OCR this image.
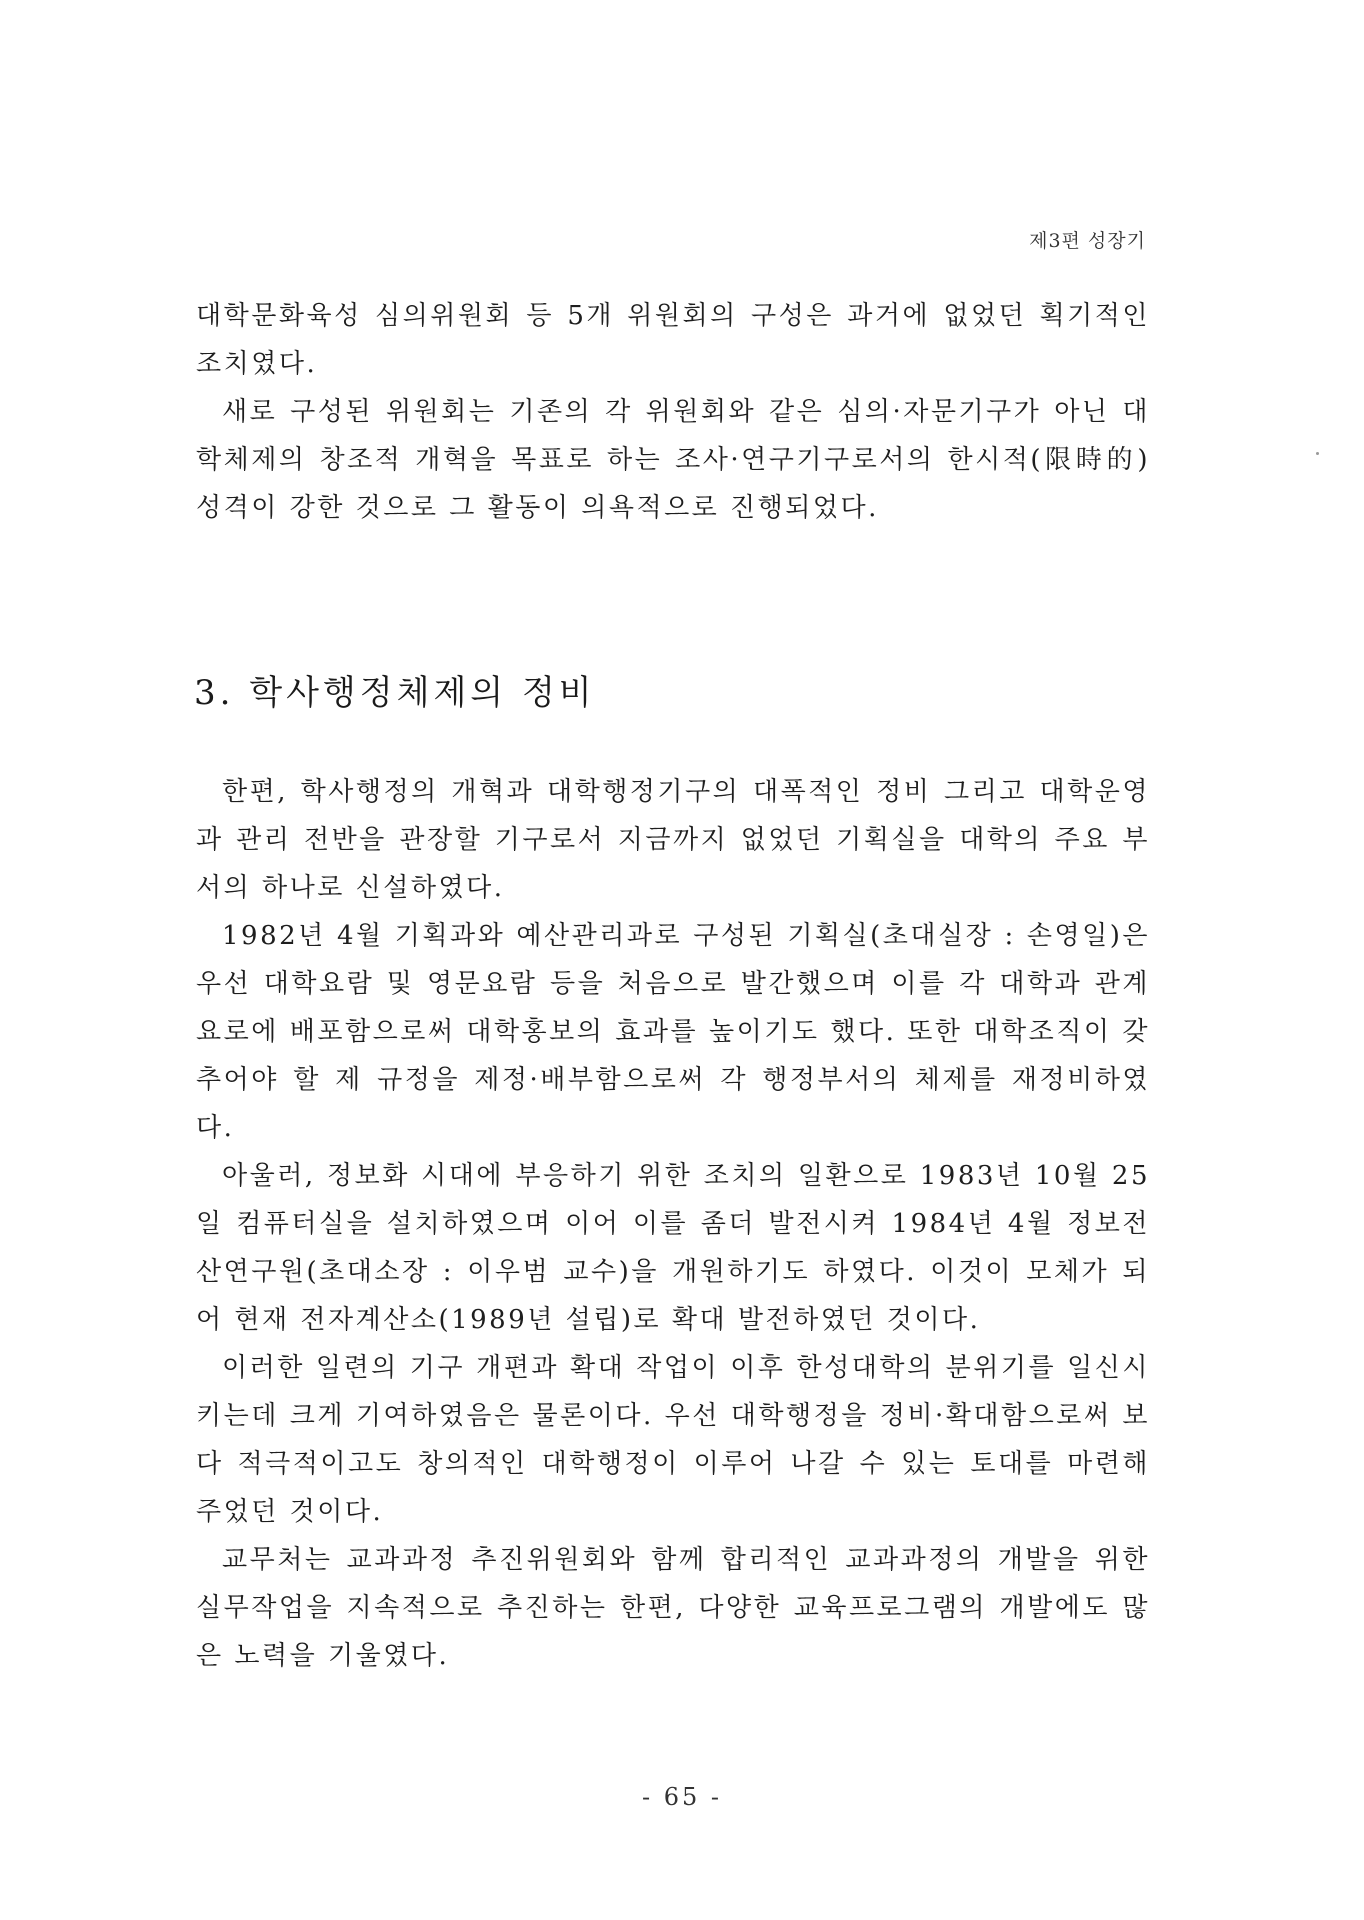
제3편 성장기

대학문화육성 심의위원회 등 5개 위원회의 구성은 과거에 없었던 획기적인 조치였다.

새로 구성된 위원회는 기존의 각 위원회와 같은 심의·자문기구가 아닌 대학체제의 창조적 개혁을 목표로 하는 조사·연구기구로서의 한시적(限時的) 성격이 강한 것으로 그 활동이 의욕적으로 진행되었다.

3. 학사행정체제의 정비

한편, 학사행정의 개혁과 대학행정기구의 대폭적인 정비 그리고 대학운영과 관리 전반을 관장할 기구로서 지금까지 없었던 기획실을 대학의 주요 부서의 하나로 신설하였다.

1982년 4월 기획과와 예산관리과로 구성된 기획실(초대실장 : 손영일)은 우선 대학요람 및 영문요람 등을 처음으로 발간했으며 이를 각 대학과 관계 요로에 배포함으로써 대학홍보의 효과를 높이기도 했다. 또한 대학조직이 갖추어야 할 제 규정을 제정·배부함으로써 각 행정부서의 체제를 재정비하였다.

아울러, 정보화 시대에 부응하기 위한 조치의 일환으로 1983년 10월 25일 컴퓨터실을 설치하였으며 이어 이를 좀더 발전시켜 1984년 4월 정보전산연구원(초대소장 : 이우범 교수)을 개원하기도 하였다. 이것이 모체가 되어 현재 전자계산소(1989년 설립)로 확대 발전하였던 것이다.

이러한 일련의 기구 개편과 확대 작업이 이후 한성대학의 분위기를 일신시키는데 크게 기여하였음은 물론이다. 우선 대학행정을 정비·확대함으로써 보다 적극적이고도 창의적인 대학행정이 이루어 나갈 수 있는 토대를 마련해 주었던 것이다.

교무처는 교과과정 추진위원회와 함께 합리적인 교과과정의 개발을 위한 실무작업을 지속적으로 추진하는 한편, 다양한 교육프로그램의 개발에도 많은 노력을 기울였다.

- 65 -
